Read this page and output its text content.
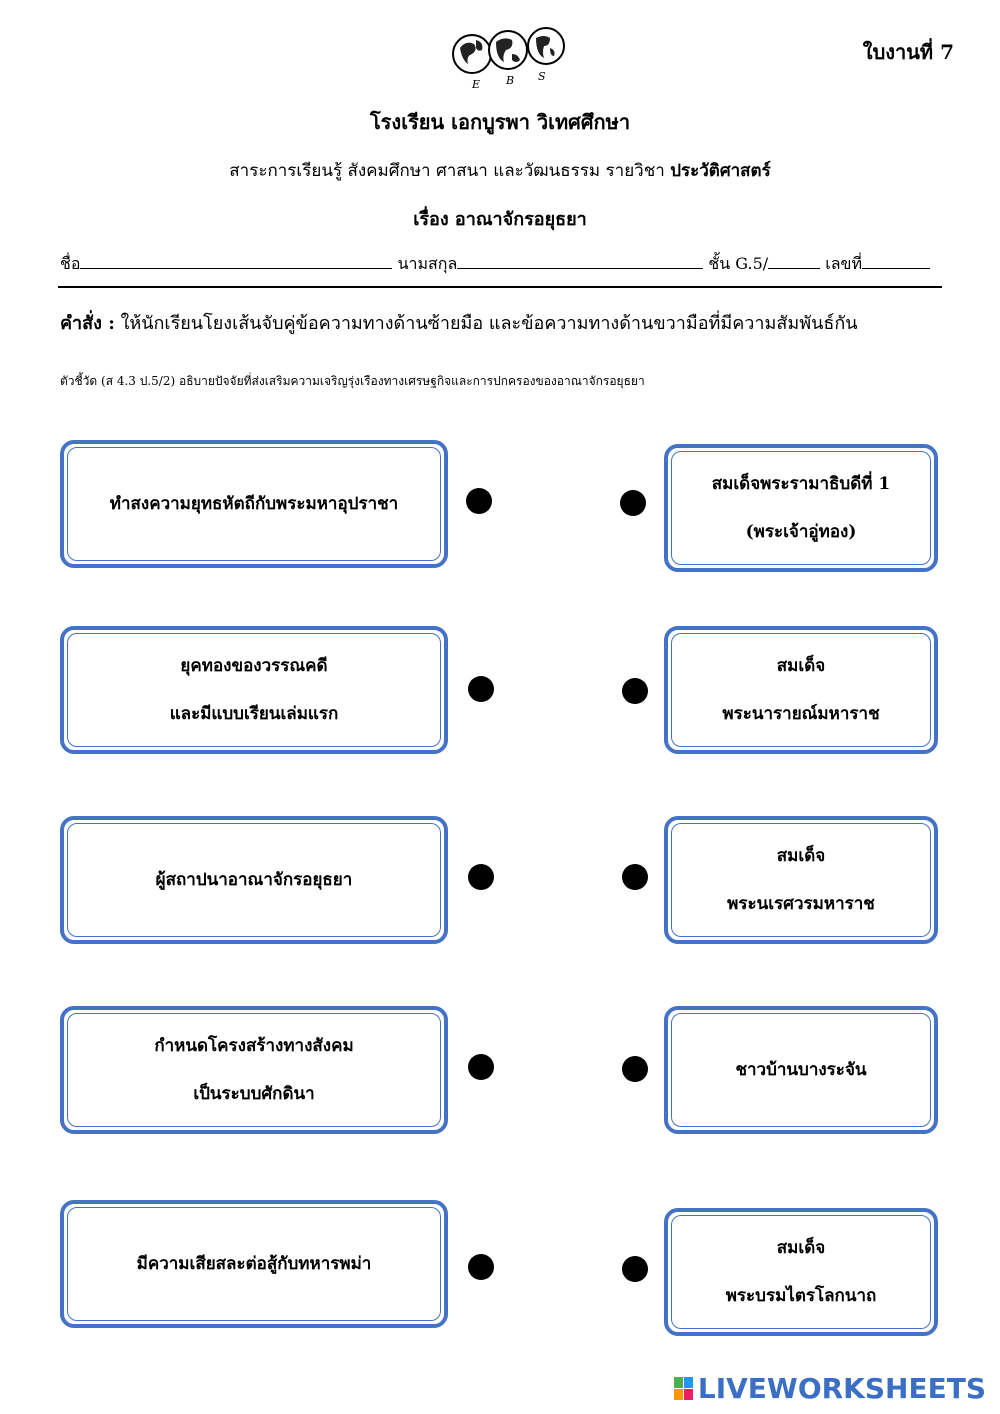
E B S
ใบงานที่ 7
โรงเรียน เอกบูรพา วิเทศศึกษา
สาระการเรียนรู้ สังคมศึกษา ศาสนา และวัฒนธรรม รายวิชา ประวัติศาสตร์
เรื่อง อาณาจักรอยุธยา
ชื่อ	นามสกุล	ชั้น G.5/	เลขที่
คำสั่ง : ให้นักเรียนโยงเส้นจับคู่ข้อความทางด้านซ้ายมือ และข้อความทางด้านขวามือที่มีความสัมพันธ์กัน
ตัวชี้วัด (ส 4.3 ป.5/2) อธิบายปัจจัยที่ส่งเสริมความเจริญรุ่งเรืองทางเศรษฐกิจและการปกครองของอาณาจักรอยุธยา
ทำสงความยุทธหัตถีกับพระมหาอุปราชา
ยุคทองของวรรณคดี
และมีแบบเรียนเล่มแรก
ผู้สถาปนาอาณาจักรอยุธยา
กำหนดโครงสร้างทางสังคม
เป็นระบบศักดินา
มีความเสียสละต่อสู้กับทหารพม่า
สมเด็จพระรามาธิบดีที่ 1
(พระเจ้าอู่ทอง)
สมเด็จ
พระนารายณ์มหาราช
สมเด็จ
พระนเรศวรมหาราช
ชาวบ้านบางระจัน
สมเด็จ
พระบรมไตรโลกนาถ
LIVEWORKSHEETS
